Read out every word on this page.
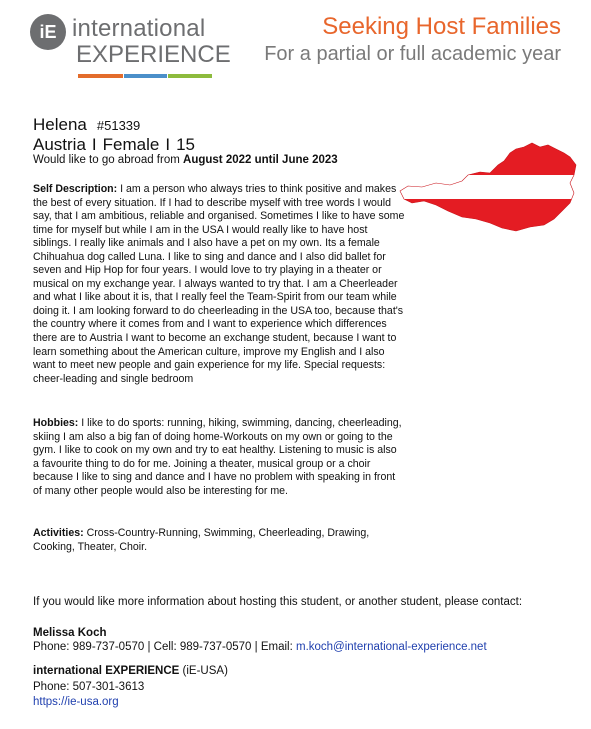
iE international
EXPERIENCE
Seeking Host Families
For a partial or full academic year
Helena #51339
Austria I Female I 15
Would like to go abroad from August 2022 until June 2023

Self Description: I am a person who always tries to think positive and makes the best of every situation. If I had to describe myself with tree words I would say, that I am ambitious, reliable and organised. Sometimes I like to have some time for myself but while I am in the USA I would really like to have host siblings. I really like animals and I also have a pet on my own. Its a female Chihuahua dog called Luna. I like to sing and dance and I also did ballet for seven and Hip Hop for four years. I would love to try playing in a theater or musical on my exchange year. I always wanted to try that. I am a Cheerleader and what I like about it is, that I really feel the Team-Spirit from our team while doing it. I am looking forward to do cheerleading in the USA too, because that's the country where it comes from and I want to experience which differences there are to Austria I want to become an exchange student, because I want to learn something about the American culture, improve my English and I also want to meet new people and gain experience for my life. Special requests: cheer-leading and single bedroom

Hobbies: I like to do sports: running, hiking, swimming, dancing, cheerleading, skiing I am also a big fan of doing home-Workouts on my own or going to the gym. I like to cook on my own and try to eat healthy. Listening to music is also a favourite thing to do for me. Joining a theater, musical group or a choir because I like to sing and dance and I have no problem with speaking in front of many other people would also be interesting for me.

Activities: Cross-Country-Running, Swimming, Cheerleading, Drawing, Cooking, Theater, Choir.

If you would like more information about hosting this student, or another student, please contact:
Melissa Koch
Phone: 989-737-0570 | Cell: 989-737-0570 | Email: m.koch@international-experience.net
international EXPERIENCE (iE-USA)
Phone: 507-301-3613
https://ie-usa.org
